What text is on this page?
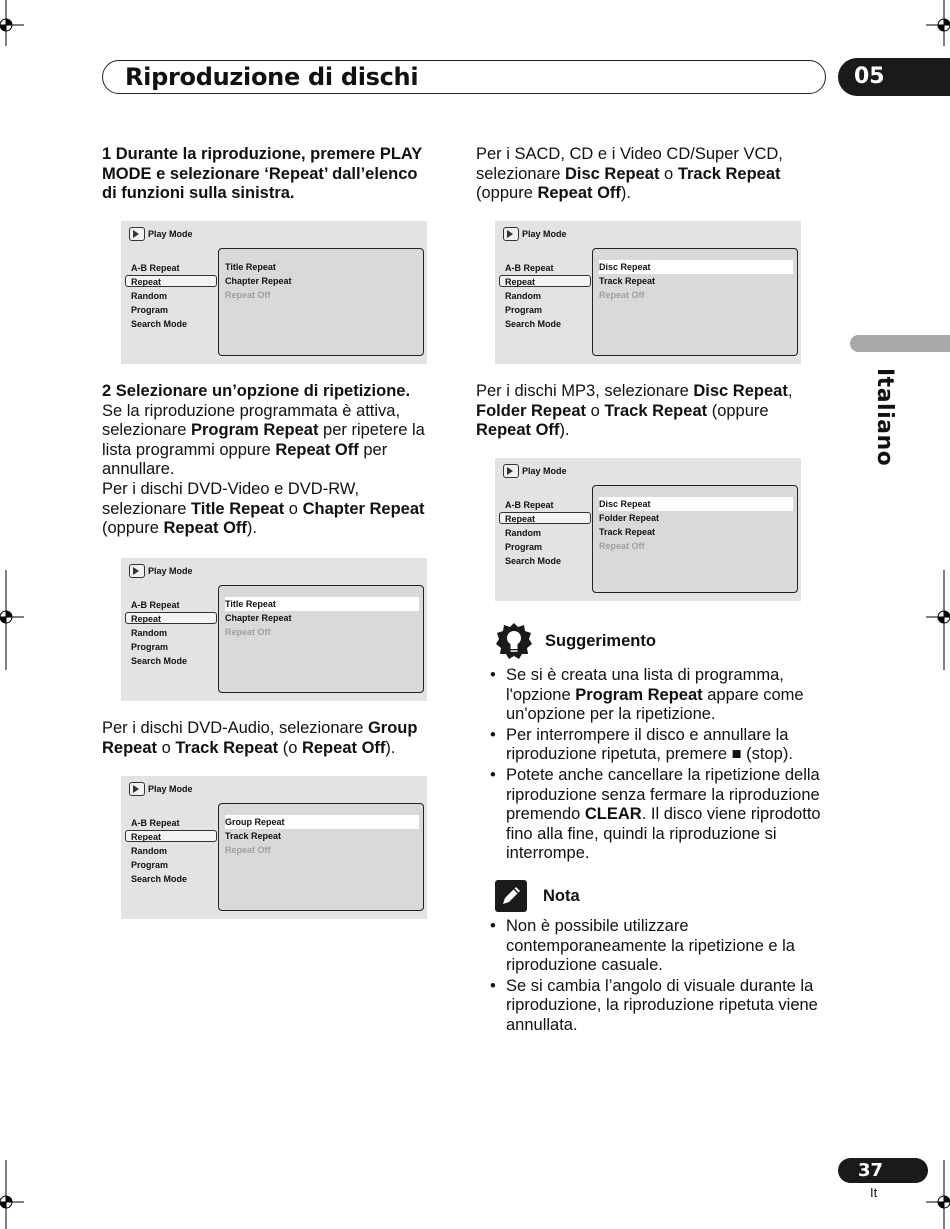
Riproduzione di dischi	05
Italiano
1 Durante la riproduzione, premere PLAY MODE e selezionare ‘Repeat’ dall’elenco di funzioni sulla sinistra.
Play Mode
A-B Repeat
Repeat
Random
Program
Search Mode
Title Repeat
Chapter Repeat
Repeat Off
2 Selezionare un’opzione di ripetizione.
Se la riproduzione programmata è attiva, selezionare Program Repeat per ripetere la lista programmi oppure Repeat Off per annullare.
Per i dischi DVD-Video e DVD-RW, selezionare Title Repeat o Chapter Repeat (oppure Repeat Off).
Play Mode
A-B Repeat
Repeat
Random
Program
Search Mode
Title Repeat
Chapter Repeat
Repeat Off
Per i dischi DVD-Audio, selezionare Group Repeat o Track Repeat (o Repeat Off).
Play Mode
A-B Repeat
Repeat
Random
Program
Search Mode
Group Repeat
Track Repeat
Repeat Off
Per i SACD, CD e i Video CD/Super VCD, selezionare Disc Repeat o Track Repeat (oppure Repeat Off).
Play Mode
A-B Repeat
Repeat
Random
Program
Search Mode
Disc Repeat
Track Repeat
Repeat Off
Per i dischi MP3, selezionare Disc Repeat, Folder Repeat o Track Repeat (oppure Repeat Off).
Play Mode
A-B Repeat
Repeat
Random
Program
Search Mode
Disc Repeat
Folder Repeat
Track Repeat
Repeat Off
Suggerimento
• Se si è creata una lista di programma, l'opzione Program Repeat appare come un'opzione per la ripetizione.
• Per interrompere il disco e annullare la riproduzione ripetuta, premere ■ (stop).
• Potete anche cancellare la ripetizione della riproduzione senza fermare la riproduzione premendo CLEAR. Il disco viene riprodotto fino alla fine, quindi la riproduzione si interrompe.
Nota
• Non è possibile utilizzare contemporaneamente la ripetizione e la riproduzione casuale.
• Se si cambia l’angolo di visuale durante la riproduzione, la riproduzione ripetuta viene annullata.
37
It
